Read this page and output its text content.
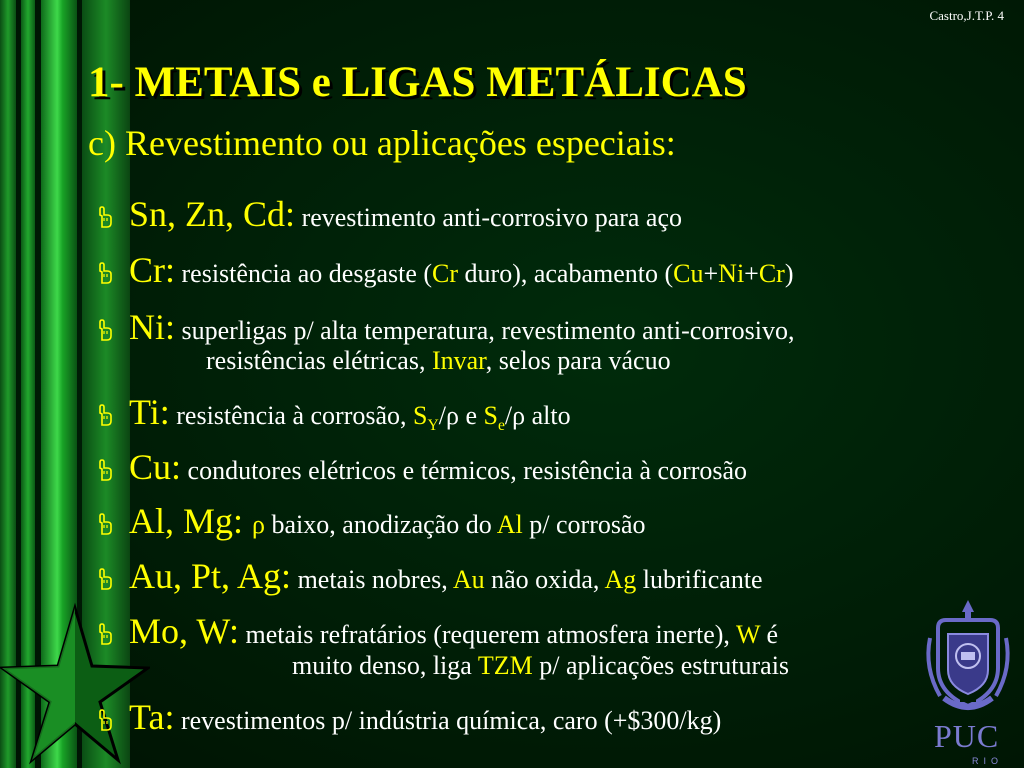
Castro,J.T.P. 4
1- METAIS e LIGAS METÁLICAS
c) Revestimento ou aplicações especiais:
Sn, Zn, Cd: revestimento anti-corrosivo para aço
Cr: resistência ao desgaste (Cr duro), acabamento (Cu+Ni+Cr)
Ni: superligas p/ alta temperatura, revestimento anti-corrosivo,
resistências elétricas, Invar, selos para vácuo
Ti: resistência à corrosão, $S_Y/\rho$ e $S_e/\rho$ alto
Cu: condutores elétricos e térmicos, resistência à corrosão
Al, Mg: ρ baixo, anodização do Al p/ corrosão
Au, Pt, Ag: metais nobres, Au não oxida, Ag lubrificante
Mo, W: metais refratários (requerem atmosfera inerte), W é
muito denso, liga TZM p/ aplicações estruturais
Ta: revestimentos p/ indústria química, caro (+$300/kg)	PUC
RIO
